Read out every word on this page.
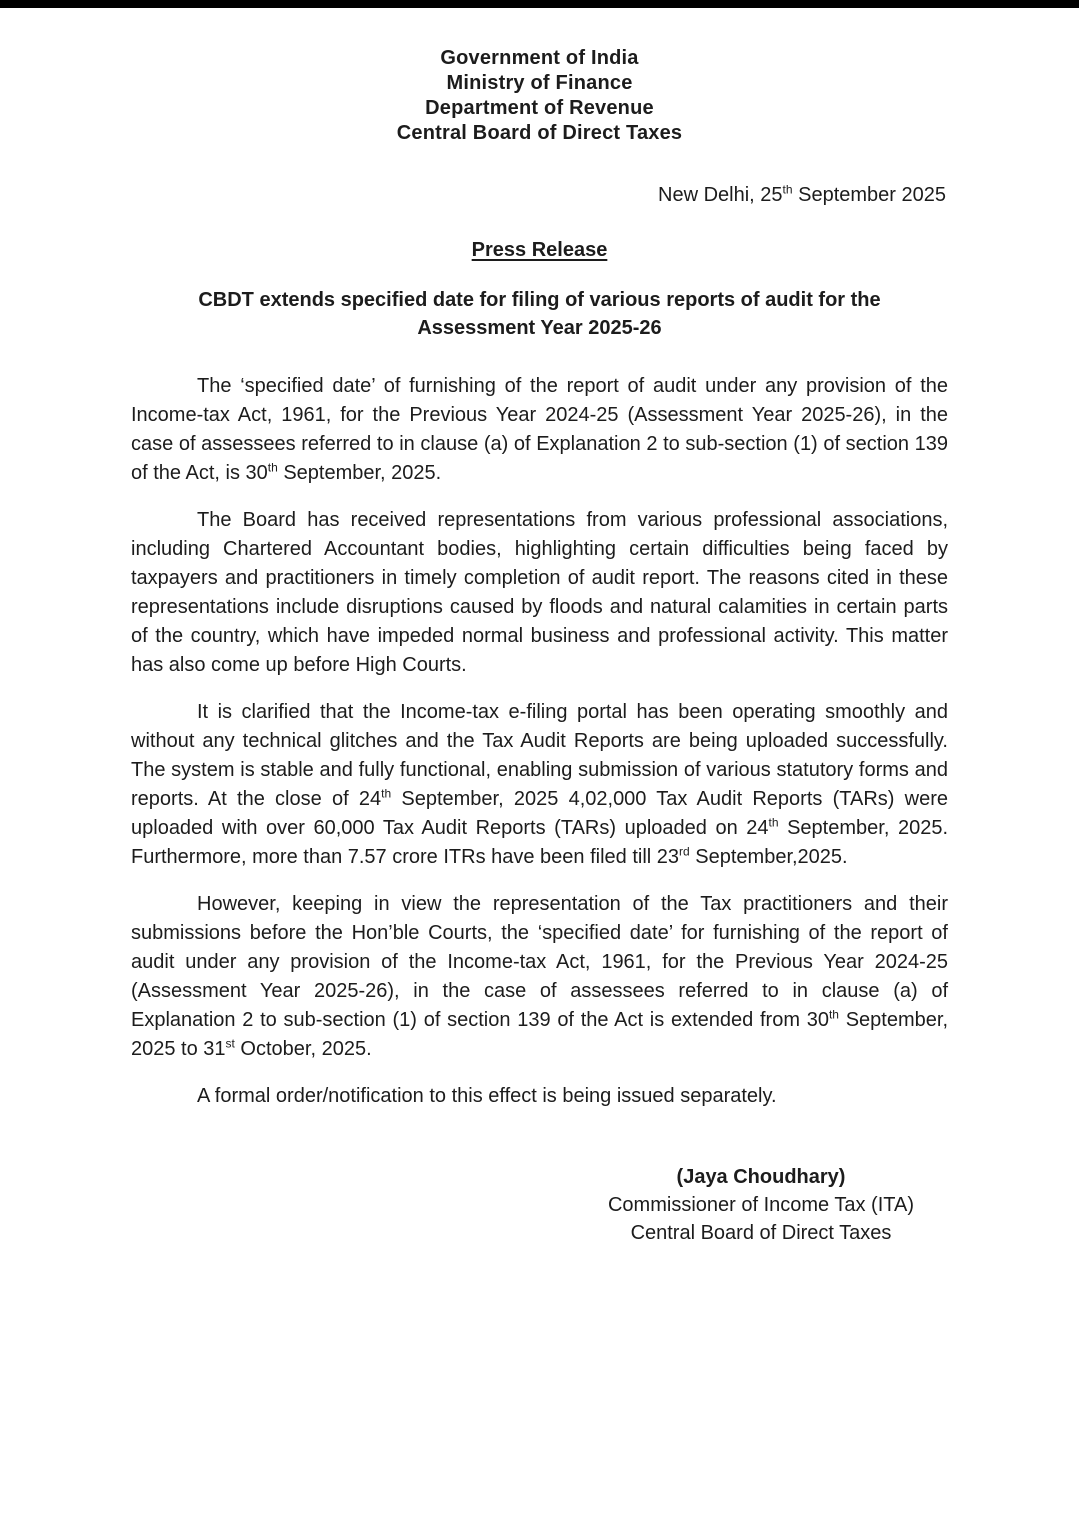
Government of India
Ministry of Finance
Department of Revenue
Central Board of Direct Taxes
New Delhi, 25th September 2025
Press Release
CBDT extends specified date for filing of various reports of audit for the
Assessment Year 2025-26

The ‘specified date’ of furnishing of the report of audit under any provision of the Income-tax Act, 1961, for the Previous Year 2024-25 (Assessment Year 2025-26), in the case of assessees referred to in clause (a) of Explanation 2 to sub-section (1) of section 139 of the Act, is 30th September, 2025.

The Board has received representations from various professional associations, including Chartered Accountant bodies, highlighting certain difficulties being faced by taxpayers and practitioners in timely completion of audit report. The reasons cited in these representations include disruptions caused by floods and natural calamities in certain parts of the country, which have impeded normal business and professional activity. This matter has also come up before High Courts.

It is clarified that the Income-tax e-filing portal has been operating smoothly and without any technical glitches and the Tax Audit Reports are being uploaded successfully. The system is stable and fully functional, enabling submission of various statutory forms and reports. At the close of 24th September, 2025 4,02,000 Tax Audit Reports (TARs) were uploaded with over 60,000 Tax Audit Reports (TARs) uploaded on 24th September, 2025. Furthermore, more than 7.57 crore ITRs have been filed till 23rd September,2025.

However, keeping in view the representation of the Tax practitioners and their submissions before the Hon’ble Courts, the ‘specified date’ for furnishing of the report of audit under any provision of the Income-tax Act, 1961, for the Previous Year 2024-25 (Assessment Year 2025-26), in the case of assessees referred to in clause (a) of Explanation 2 to sub-section (1) of section 139 of the Act is extended from 30th September, 2025 to 31st October, 2025.

A formal order/notification to this effect is being issued separately.

(Jaya Choudhary)
Commissioner of Income Tax (ITA)
Central Board of Direct Taxes
